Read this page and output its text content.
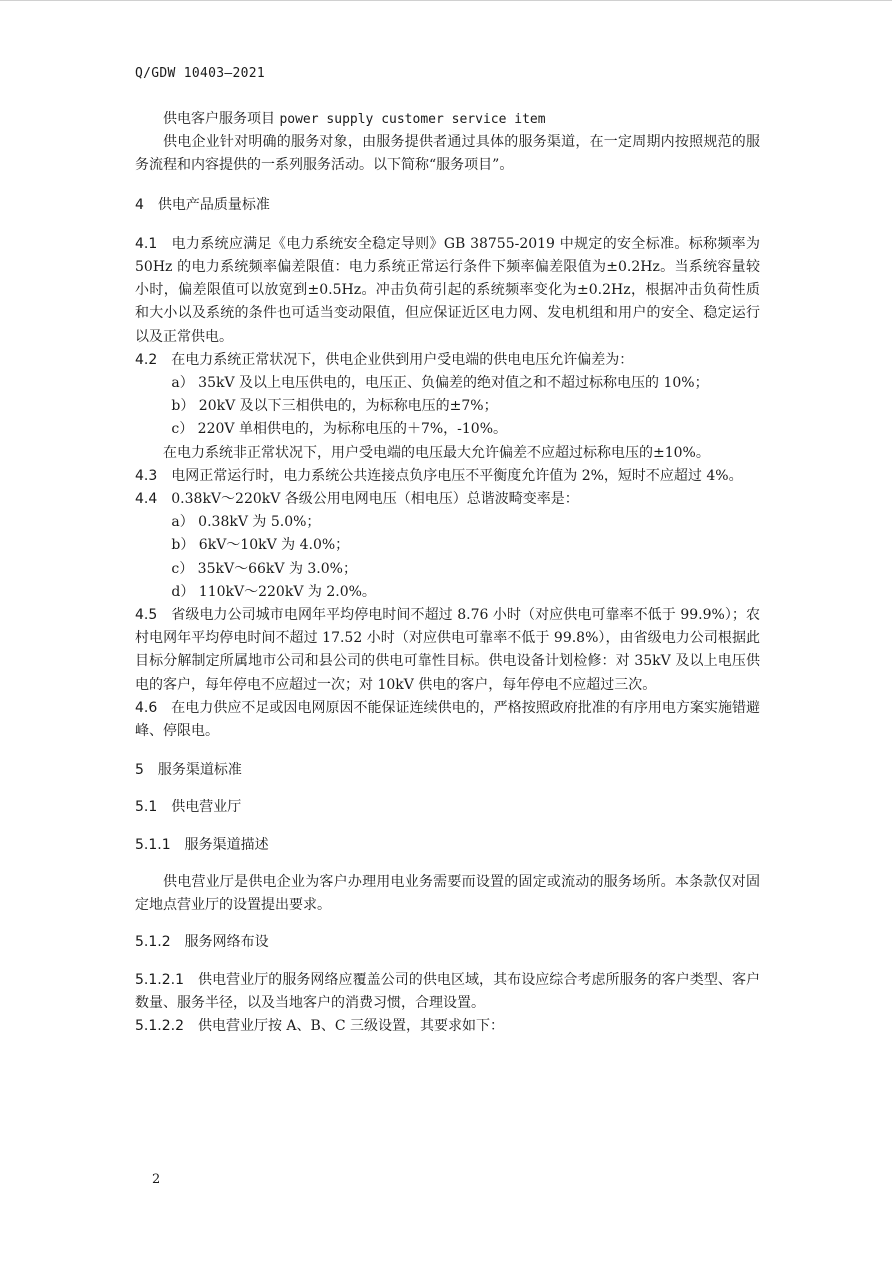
Q/GDW 10403—2021

供电客户服务项目 power supply customer service item

供电企业针对明确的服务对象，由服务提供者通过具体的服务渠道，在一定周期内按照规范的服务流程和内容提供的一系列服务活动。以下简称“服务项目”。

4 供电产品质量标准

4.1 电力系统应满足《电力系统安全稳定导则》GB 38755-2019 中规定的安全标准。标称频率为 50Hz 的电力系统频率偏差限值：电力系统正常运行条件下频率偏差限值为±0.2Hz。当系统容量较小时，偏差限值可以放宽到±0.5Hz。冲击负荷引起的系统频率变化为±0.2Hz，根据冲击负荷性质和大小以及系统的条件也可适当变动限值，但应保证近区电力网、发电机组和用户的安全、稳定运行以及正常供电。

4.2 在电力系统正常状况下，供电企业供到用户受电端的供电电压允许偏差为：

a） 35kV 及以上电压供电的，电压正、负偏差的绝对值之和不超过标称电压的 10%；

b） 20kV 及以下三相供电的，为标称电压的±7%；

c） 220V 单相供电的，为标称电压的＋7%，-10%。

在电力系统非正常状况下，用户受电端的电压最大允许偏差不应超过标称电压的±10%。

4.3 电网正常运行时，电力系统公共连接点负序电压不平衡度允许值为 2%，短时不应超过 4%。

4.4 0.38kV～220kV 各级公用电网电压（相电压）总谐波畸变率是：

a） 0.38kV 为 5.0%；

b） 6kV～10kV 为 4.0%；

c） 35kV～66kV 为 3.0%；

d） 110kV～220kV 为 2.0%。

4.5 省级电力公司城市电网年平均停电时间不超过 8.76 小时（对应供电可靠率不低于 99.9%）；农村电网年平均停电时间不超过 17.52 小时（对应供电可靠率不低于 99.8%），由省级电力公司根据此目标分解制定所属地市公司和县公司的供电可靠性目标。供电设备计划检修：对 35kV 及以上电压供电的客户，每年停电不应超过一次；对 10kV 供电的客户，每年停电不应超过三次。

4.6 在电力供应不足或因电网原因不能保证连续供电的，严格按照政府批准的有序用电方案实施错避峰、停限电。

5 服务渠道标准

5.1 供电营业厅

5.1.1 服务渠道描述

供电营业厅是供电企业为客户办理用电业务需要而设置的固定或流动的服务场所。本条款仅对固定地点营业厅的设置提出要求。

5.1.2 服务网络布设

5.1.2.1 供电营业厅的服务网络应覆盖公司的供电区域，其布设应综合考虑所服务的客户类型、客户数量、服务半径，以及当地客户的消费习惯，合理设置。

5.1.2.2 供电营业厅按 A、B、C 三级设置，其要求如下：

2
